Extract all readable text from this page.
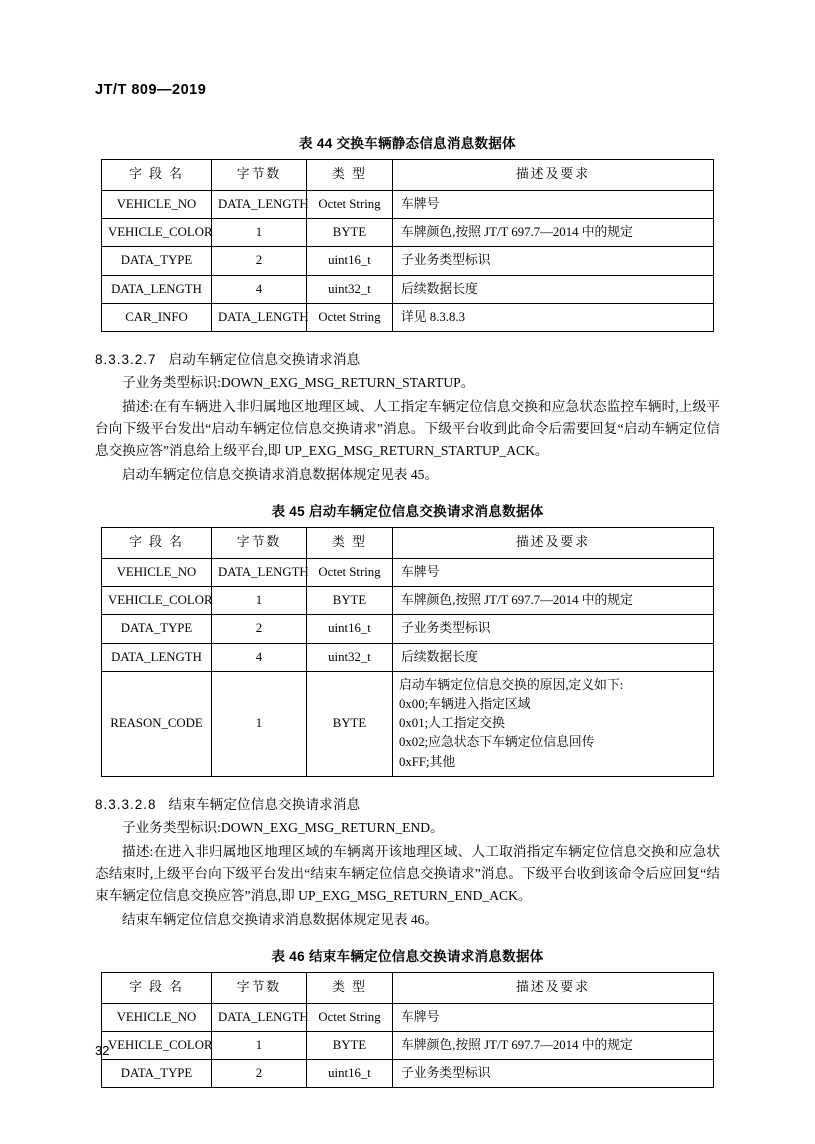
JT/T 809—2019
表 44 交换车辆静态信息消息数据体
字 段 名	字节数	类 型	描述及要求
VEHICLE_NO	DATA_LENGTH	Octet String	车牌号
VEHICLE_COLOR	1	BYTE	车牌颜色,按照 JT/T 697.7—2014 中的规定
DATA_TYPE	2	uint16_t	子业务类型标识
DATA_LENGTH	4	uint32_t	后续数据长度
CAR_INFO	DATA_LENGTH	Octet String	详见 8.3.8.3
8.3.3.2.7 启动车辆定位信息交换请求消息

子业务类型标识:DOWN_EXG_MSG_RETURN_STARTUP。

描述:在有车辆进入非归属地区地理区域、人工指定车辆定位信息交换和应急状态监控车辆时,上级平台向下级平台发出“启动车辆定位信息交换请求”消息。下级平台收到此命令后需要回复“启动车辆定位信息交换应答”消息给上级平台,即 UP_EXG_MSG_RETURN_STARTUP_ACK。

启动车辆定位信息交换请求消息数据体规定见表 45。

表 45 启动车辆定位信息交换请求消息数据体
字 段 名	字节数	类 型	描述及要求
VEHICLE_NO	DATA_LENGTH	Octet String	车牌号
VEHICLE_COLOR	1	BYTE	车牌颜色,按照 JT/T 697.7—2014 中的规定
DATA_TYPE	2	uint16_t	子业务类型标识
DATA_LENGTH	4	uint32_t	后续数据长度
REASON_CODE	1	BYTE	启动车辆定位信息交换的原因,定义如下:
0x00;车辆进入指定区域
0x01;人工指定交换
0x02;应急状态下车辆定位信息回传
0xFF;其他
8.3.3.2.8 结束车辆定位信息交换请求消息

子业务类型标识:DOWN_EXG_MSG_RETURN_END。

描述:在进入非归属地区地理区域的车辆离开该地理区域、人工取消指定车辆定位信息交换和应急状态结束时,上级平台向下级平台发出“结束车辆定位信息交换请求”消息。下级平台收到该命令后应回复“结束车辆定位信息交换应答”消息,即 UP_EXG_MSG_RETURN_END_ACK。

结束车辆定位信息交换请求消息数据体规定见表 46。

表 46 结束车辆定位信息交换请求消息数据体
字 段 名	字节数	类 型	描述及要求
VEHICLE_NO	DATA_LENGTH	Octet String	车牌号
VEHICLE_COLOR	1	BYTE	车牌颜色,按照 JT/T 697.7—2014 中的规定
DATA_TYPE	2	uint16_t	子业务类型标识
32
